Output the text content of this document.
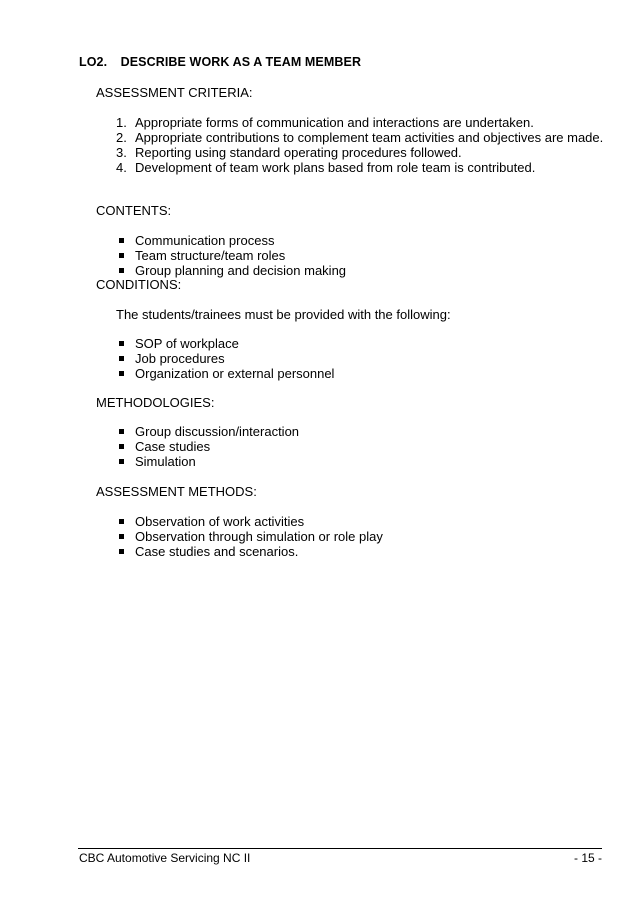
LO2. DESCRIBE WORK AS A TEAM MEMBER
ASSESSMENT CRITERIA:
1. Appropriate forms of communication and interactions are undertaken.
2. Appropriate contributions to complement team activities and objectives are made.
3. Reporting using standard operating procedures followed.
4. Development of team work plans based from role team is contributed.
CONTENTS:
Communication process
Team structure/team roles
Group planning and decision making
CONDITIONS:
The students/trainees must be provided with the following:
SOP of workplace
Job procedures
Organization or external personnel
METHODOLOGIES:
Group discussion/interaction
Case studies
Simulation
ASSESSMENT METHODS:
Observation of work activities
Observation through simulation or role play
Case studies and scenarios.
CBC Automotive Servicing NC II	- 15 -
